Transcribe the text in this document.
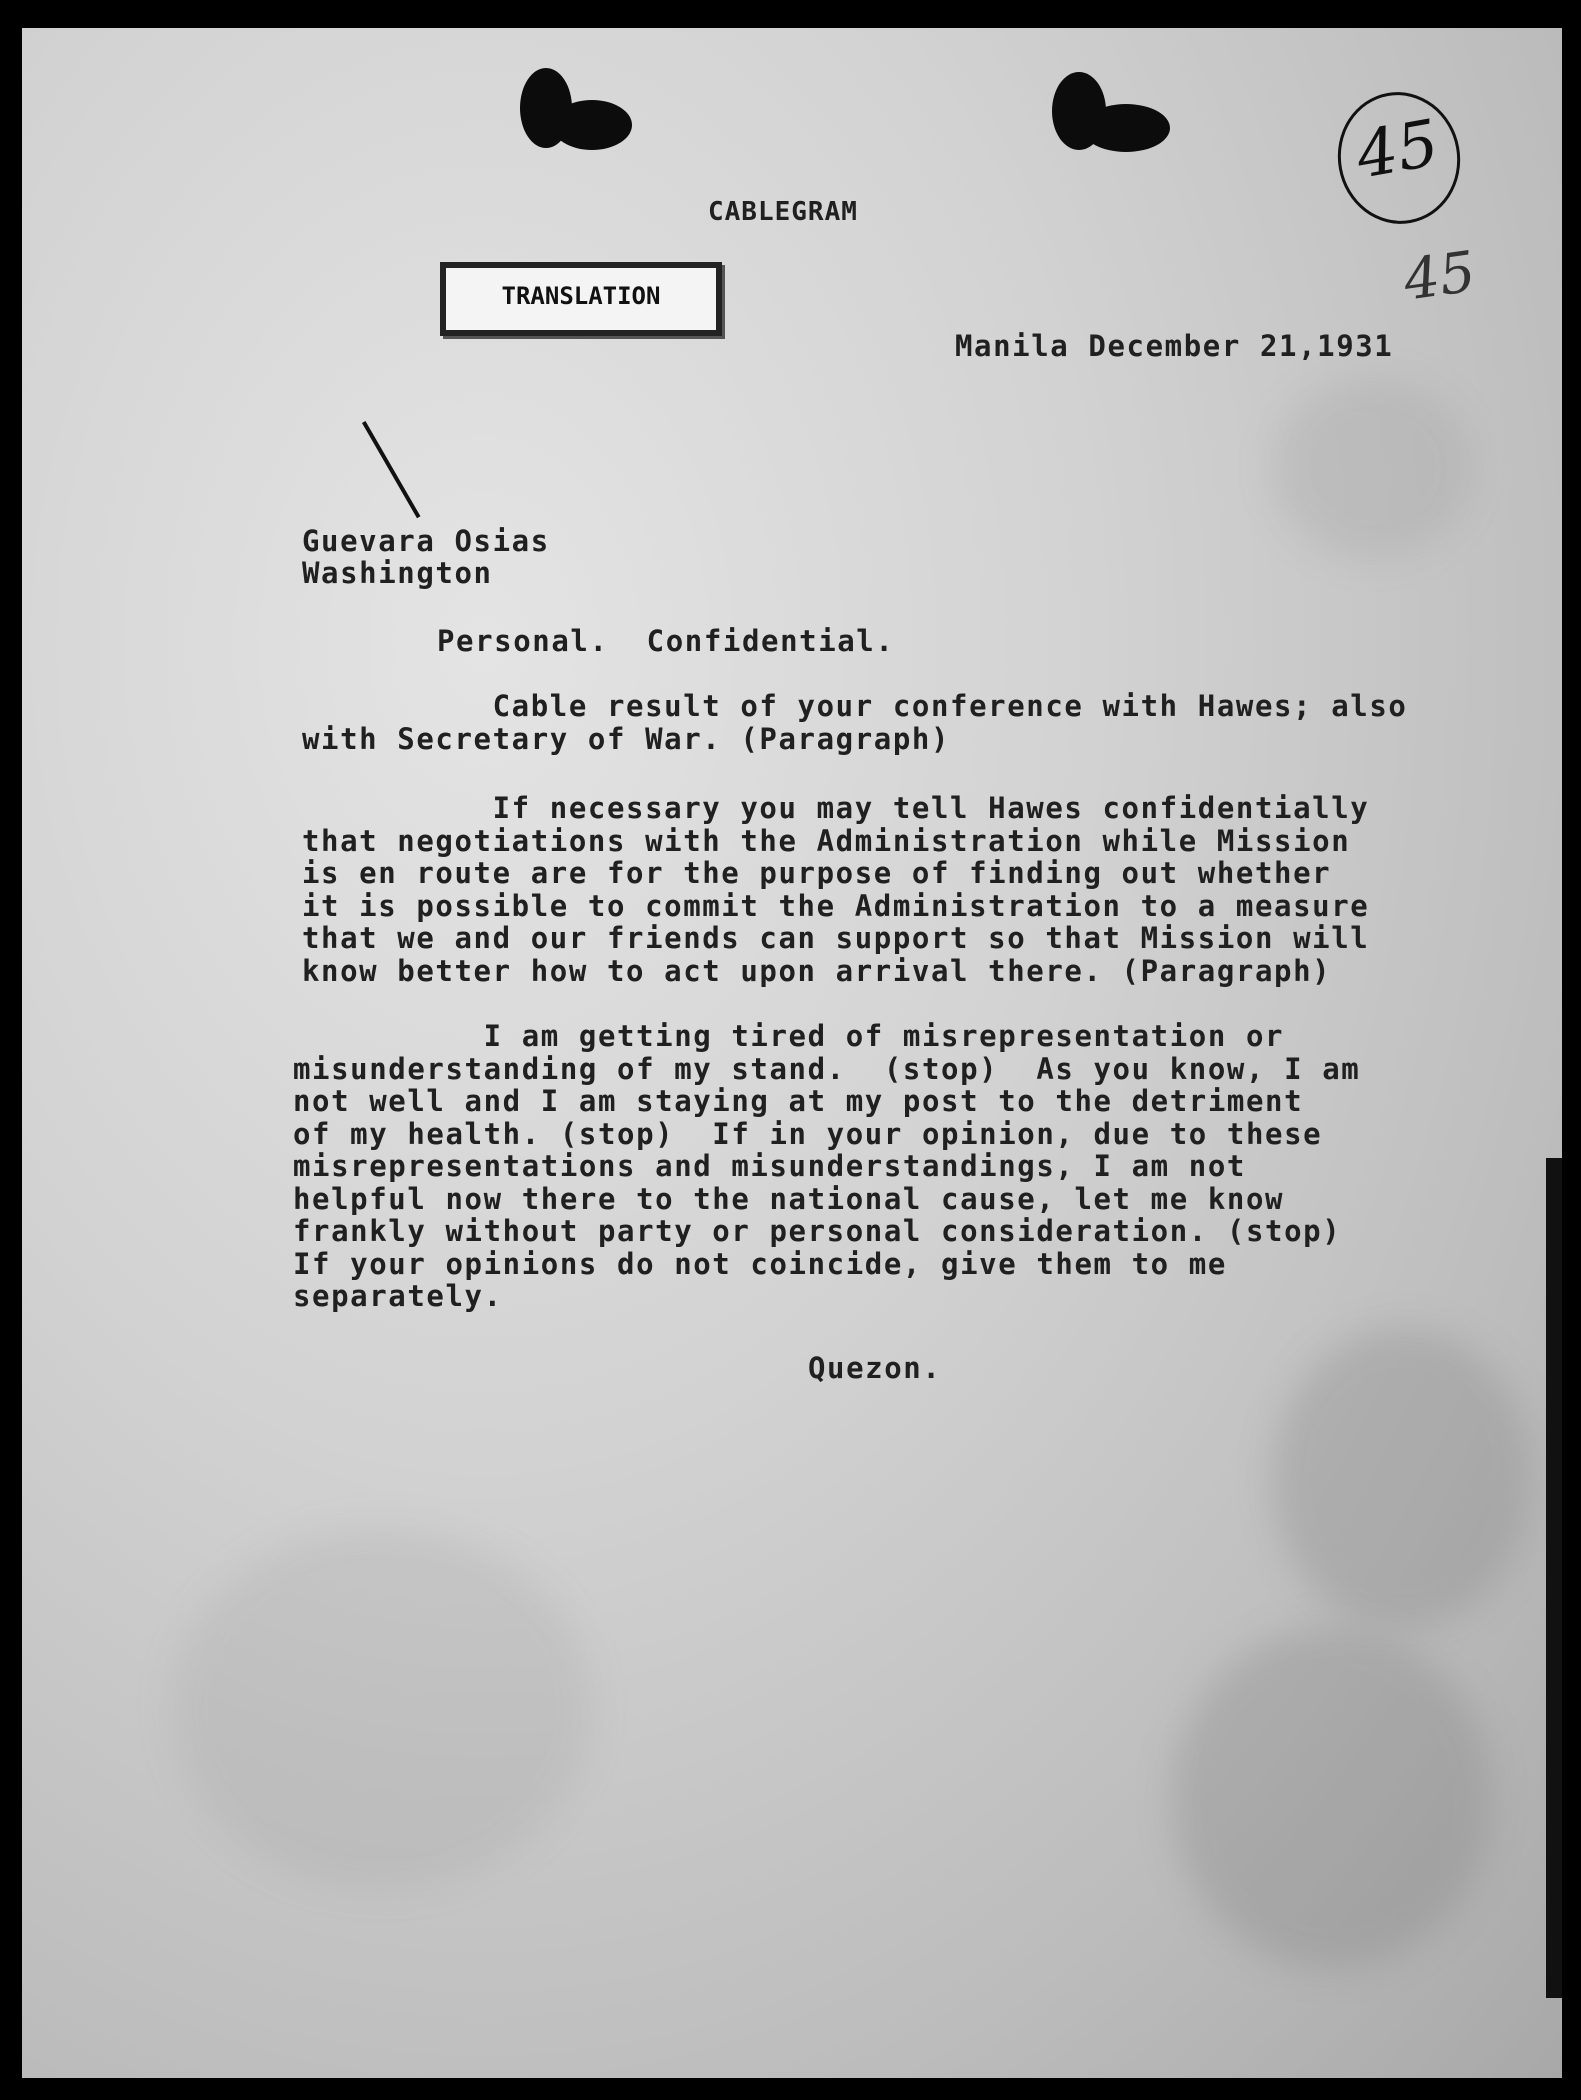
CABLEGRAM
TRANSLATION
45
45
Manila December 21,1931
Guevara Osias
Washington
Personal.  Confidential.
Cable result of your conference with Hawes; also
with Secretary of War. (Paragraph)
If necessary you may tell Hawes confidentially
that negotiations with the Administration while Mission
is en route are for the purpose of finding out whether
it is possible to commit the Administration to a measure
that we and our friends can support so that Mission will
know better how to act upon arrival there. (Paragraph)
I am getting tired of misrepresentation or
misunderstanding of my stand.  (stop)  As you know, I am
not well and I am staying at my post to the detriment
of my health. (stop)  If in your opinion, due to these
misrepresentations and misunderstandings, I am not
helpful now there to the national cause, let me know
frankly without party or personal consideration. (stop)
If your opinions do not coincide, give them to me
separately.
Quezon.
